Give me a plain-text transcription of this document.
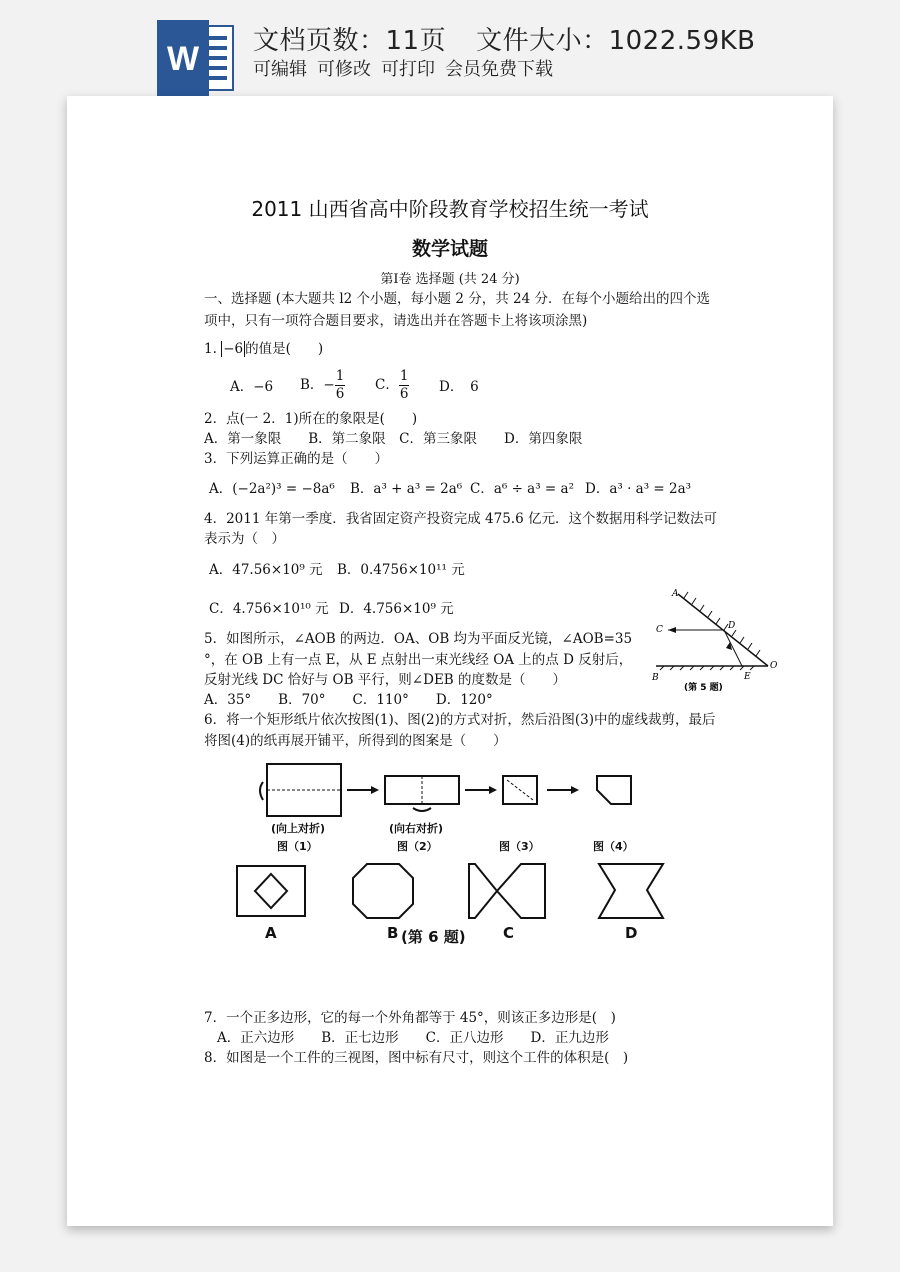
W 文档页数：11页 文件大小：1022.59KB
可编辑 可修改 可打印 会员免费下载
2011 山西省高中阶段教育学校招生统一考试
数学试题
第Ⅰ卷 选择题 (共 24 分)
一、选择题 (本大题共 l2 个小题，每小题 2 分，共 24 分．在每个小题给出的四个选
项中，只有一项符合题目要求，请选出并在答题卡上将该项涂黑)
1. −6 的值是(　　)
A．−6 B．− $\frac{1}{6}$ C． $\frac{1}{6}$ D．　6
2．点(一 2．1)所在的象限是(　　)
A．第一象限　　B．第二象限　C．第三象限　　D．第四象限
3．下列运算正确的是（　　）
A．(−2a²)³ = −8a⁶ B．a³ + a³ = 2a⁶ C．a⁶ ÷ a³ = a² D．a³ · a³ = 2a³
4．2011 年第一季度．我省固定资产投资完成 475.6 亿元．这个数据用科学记数法可
表示为（　）
A．47.56×10⁹ 元 B．0.4756×10¹¹ 元
C．4.756×10¹⁰ 元 D．4.756×10⁹ 元
5．如图所示，∠AOB 的两边．OA、OB 均为平面反光镜，∠AOB=35
°，在 OB 上有一点 E，从 E 点射出一束光线经 OA 上的点 D 反射后，
反射光线 DC 恰好与 OB 平行，则∠DEB 的度数是（　　）
A．35°　　B．70°　　C．110°　　D．120°
A
C	D
B	E
O
(第 5 题)
6．将一个矩形纸片依次按图(1)、图(2)的方式对折，然后沿图(3)中的虚线裁剪，最后
将图(4)的纸再展开铺平，所得到的图案是（　　）
(向上对折)	(向右对折)
图（1）	图（2）	图（3）	图（4）
A	B (第 6 题) C	D
7．一个正多边形，它的每一个外角都等于 45°，则该正多边形是(　)
A．正六边形　　B．正七边形　　C．正八边形　　D．正九边形
8．如图是一个工件的三视图，图中标有尺寸，则这个工件的体积是(　)
